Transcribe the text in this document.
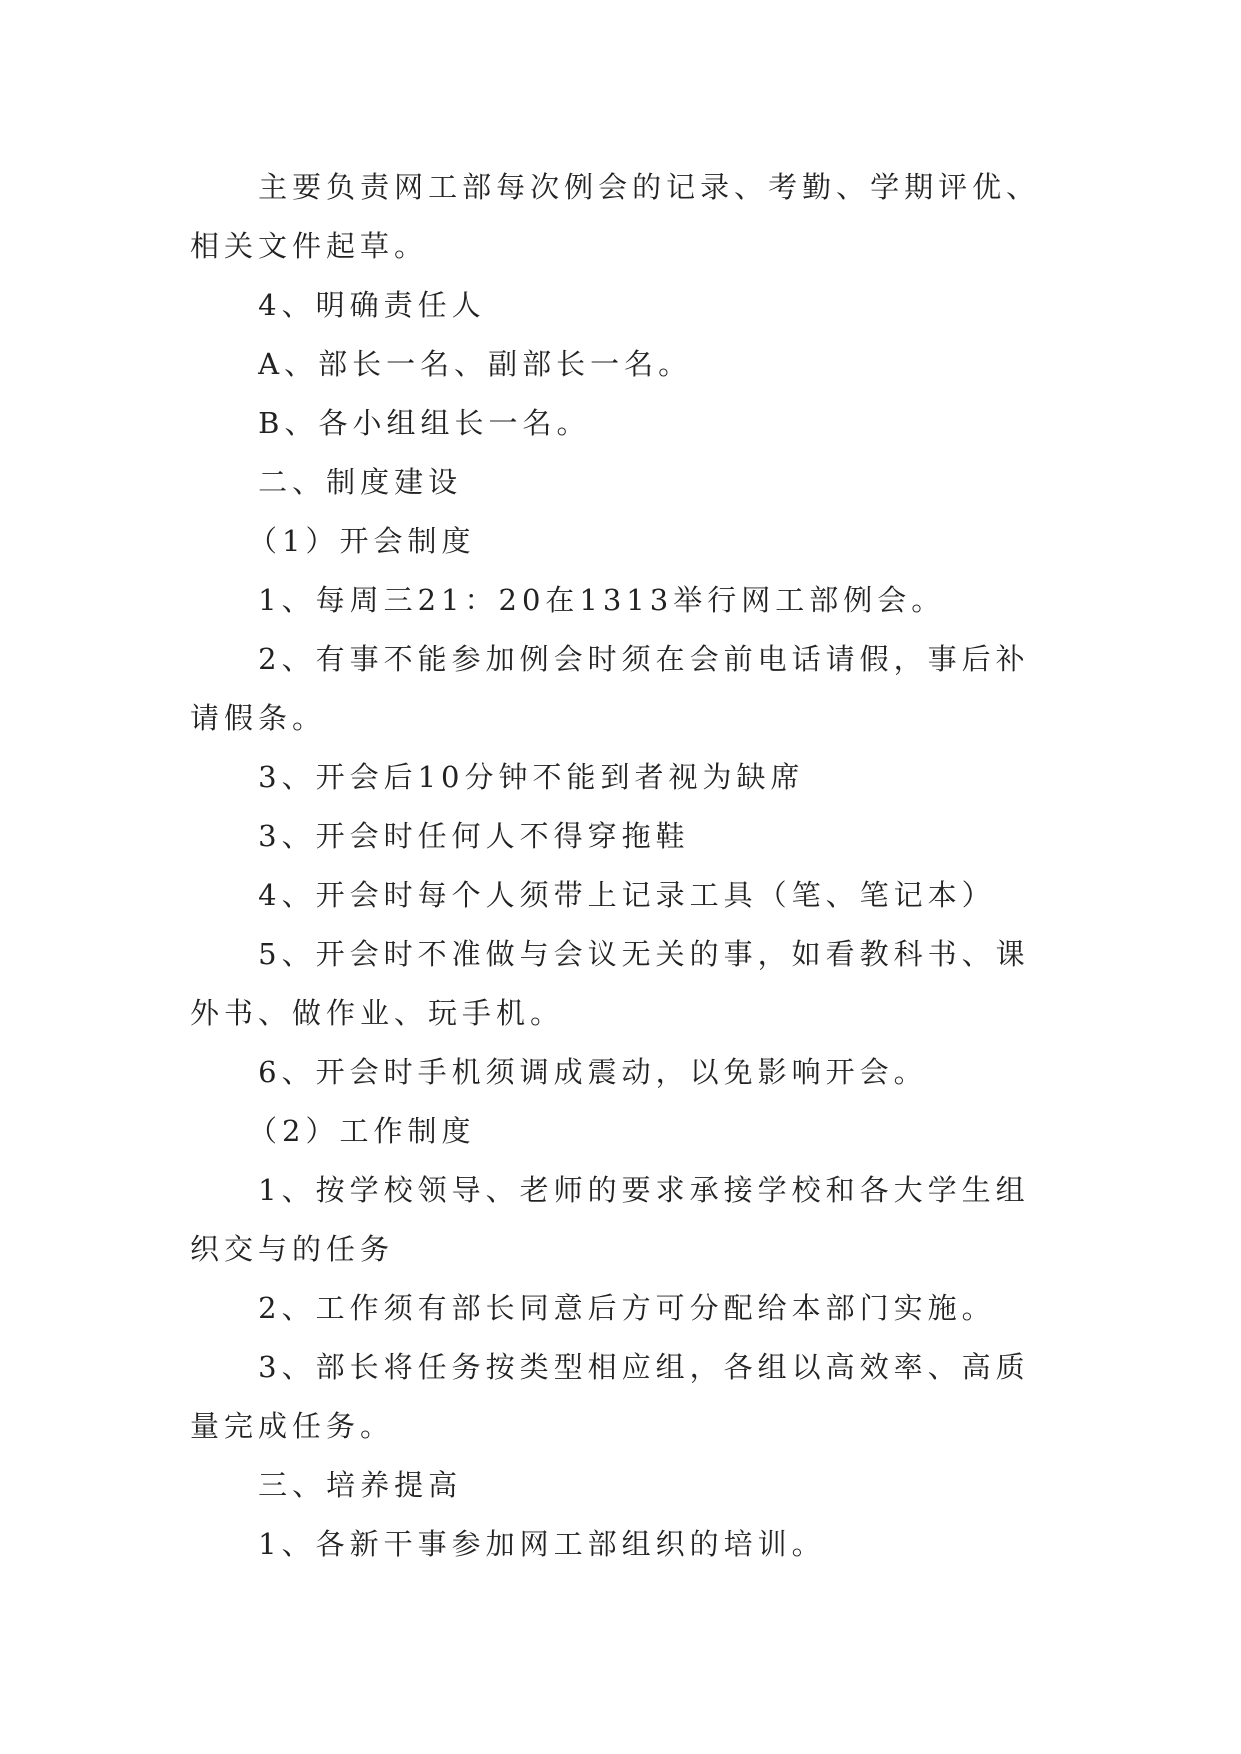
主要负责网工部每次例会的记录、考勤、学期评优、相关文件起草。

4、明确责任人

A、部长一名、副部长一名。

B、各小组组长一名。

二、制度建设

（1）开会制度

1、每周三21：20在1313举行网工部例会。

2、有事不能参加例会时须在会前电话请假，事后补请假条。

3、开会后10分钟不能到者视为缺席

3、开会时任何人不得穿拖鞋

4、开会时每个人须带上记录工具（笔、笔记本）

5、开会时不准做与会议无关的事，如看教科书、课外书、做作业、玩手机。

6、开会时手机须调成震动，以免影响开会。

（2）工作制度

1、按学校领导、老师的要求承接学校和各大学生组织交与的任务

2、工作须有部长同意后方可分配给本部门实施。

3、部长将任务按类型相应组，各组以高效率、高质量完成任务。

三、培养提高

1、各新干事参加网工部组织的培训。
